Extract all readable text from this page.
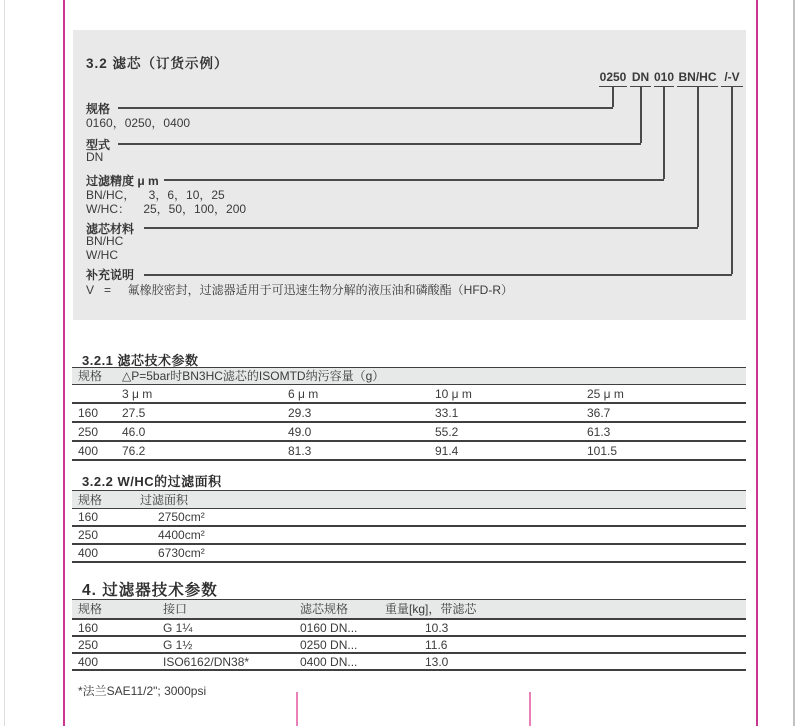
3.2 滤芯（订货示例）
0250 DN 010 BN/HC /-V
规格
0160，0250，0400
型式
DN
过滤精度 μ m
BN/HC，    3，6，10，25
W/HC：    25，50，100，200
滤芯材料
BN/HC
W/HC
补充说明
V   =     氟橡胶密封，过滤器适用于可迅速生物分解的液压油和磷酸酯（HFD-R）
3.2.1 滤芯技术参数
规格 △P=5bar时BN3HC滤芯的ISOMTD纳污容量（g）
3 μ m	6 μ m	10 μ m	25 μ m
160 27.5	29.3	33.1	36.7
250 46.0	49.0	55.2	61.3
400 76.2	81.3	91.4	101.5
3.2.2 W/HC的过滤面积
规格	过滤面积
160	2750cm²
250	4400cm²
400	6730cm²
4. 过滤器技术参数
规格	接口	滤芯规格	重量[kg]，带滤芯
160	G 1¼	0160 DN...	10.3
250	G 1½	0250 DN...	11.6
400	ISO6162/DN38*	0400 DN...	13.0
*法兰SAE11/2"; 3000psi
